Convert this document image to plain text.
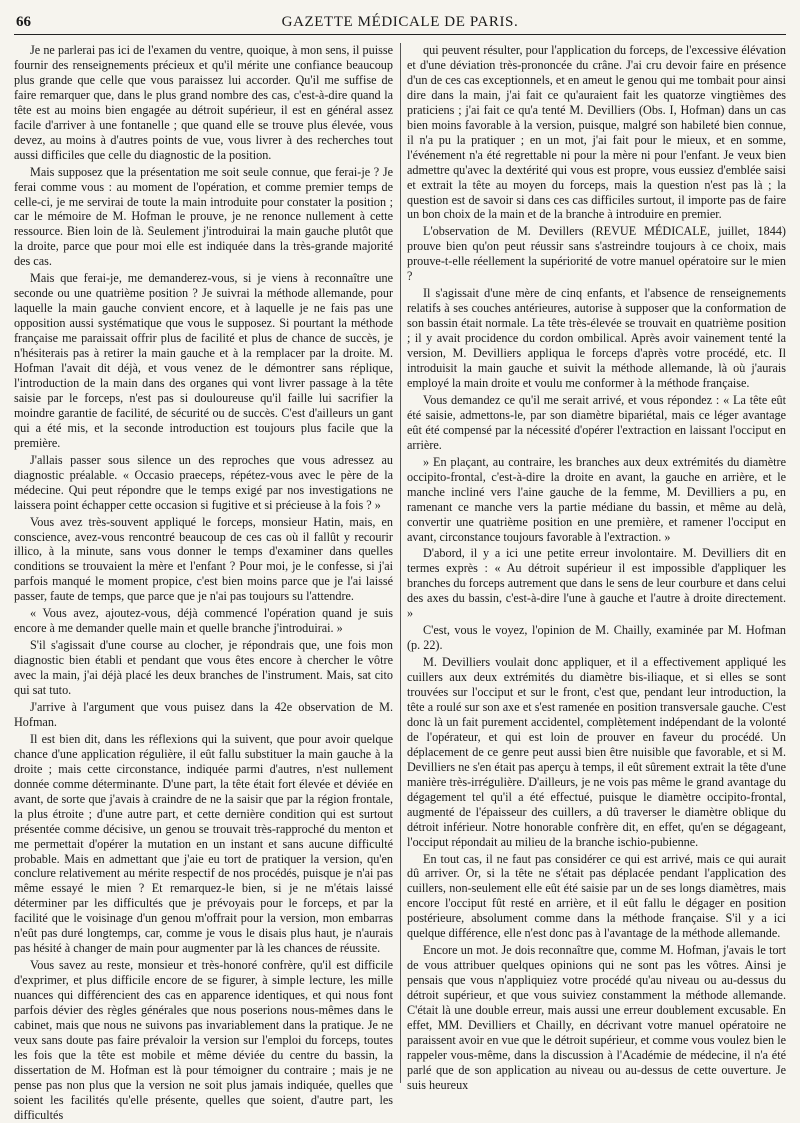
66	GAZETTE MÉDICALE DE PARIS.

Je ne parlerai pas ici de l'examen du ventre, quoique, à mon sens, il puisse fournir des renseignements précieux et qu'il mérite une confiance beaucoup plus grande que celle que vous paraissez lui accorder. Qu'il me suffise de faire remarquer que, dans le plus grand nombre des cas, c'est-à-dire quand la tête est au moins bien engagée au détroit supérieur, il est en général assez facile d'arriver à une fontanelle ; que quand elle se trouve plus élevée, vous devez, au moins à d'autres points de vue, vous livrer à des recherches tout aussi difficiles que celle du diagnostic de la position.

Mais supposez que la présentation me soit seule connue, que ferai-je ? Je ferai comme vous : au moment de l'opération, et comme premier temps de celle-ci, je me servirai de toute la main introduite pour constater la position ; car le mémoire de M. Hofman le prouve, je ne renonce nullement à cette ressource. Bien loin de là. Seulement j'introduirai la main gauche plutôt que la droite, parce que pour moi elle est indiquée dans la très-grande majorité des cas.

Mais que ferai-je, me demanderez-vous, si je viens à reconnaître une seconde ou une quatrième position ? Je suivrai la méthode allemande, pour laquelle la main gauche convient encore, et à laquelle je ne fais pas une opposition aussi systématique que vous le supposez. Si pourtant la méthode française me paraissait offrir plus de facilité et plus de chance de succès, je n'hésiterais pas à retirer la main gauche et à la remplacer par la droite. M. Hofman l'avait dit déjà, et vous venez de le démontrer sans réplique, l'introduction de la main dans des organes qui vont livrer passage à la tête saisie par le forceps, n'est pas si douloureuse qu'il faille lui sacrifier la moindre garantie de facilité, de sécurité ou de succès. C'est d'ailleurs un gant qui a été mis, et la seconde introduction est toujours plus facile que la première.

J'allais passer sous silence un des reproches que vous adressez au diagnostic préalable. « Occasio praeceps, répétez-vous avec le père de la médecine. Qui peut répondre que le temps exigé par nos investigations ne laissera point échapper cette occasion si fugitive et si précieuse à la fois ? »

Vous avez très-souvent appliqué le forceps, monsieur Hatin, mais, en conscience, avez-vous rencontré beaucoup de ces cas où il fallût y recourir illico, à la minute, sans vous donner le temps d'examiner dans quelles conditions se trouvaient la mère et l'enfant ? Pour moi, je le confesse, si j'ai parfois manqué le moment propice, c'est bien moins parce que je l'ai laissé passer, faute de temps, que parce que je n'ai pas toujours su l'attendre.

« Vous avez, ajoutez-vous, déjà commencé l'opération quand je suis encore à me demander quelle main et quelle branche j'introduirai. »

S'il s'agissait d'une course au clocher, je répondrais que, une fois mon diagnostic bien établi et pendant que vous êtes encore à chercher le vôtre avec la main, j'ai déjà placé les deux branches de l'instrument. Mais, sat cito qui sat tuto.

J'arrive à l'argument que vous puisez dans la 42e observation de M. Hofman.

Il est bien dit, dans les réflexions qui la suivent, que pour avoir quelque chance d'une application régulière, il eût fallu substituer la main gauche à la droite ; mais cette circonstance, indiquée parmi d'autres, n'est nullement donnée comme déterminante. D'une part, la tête était fort élevée et déviée en avant, de sorte que j'avais à craindre de ne la saisir que par la région frontale, la plus étroite ; d'une autre part, et cette dernière condition qui est surtout présentée comme décisive, un genou se trouvait très-rapproché du menton et me permettait d'opérer la mutation en un instant et sans aucune difficulté probable. Mais en admettant que j'aie eu tort de pratiquer la version, qu'en conclure relativement au mérite respectif de nos procédés, puisque je n'ai pas même essayé le mien ? Et remarquez-le bien, si je ne m'étais laissé déterminer par les difficultés que je prévoyais pour le forceps, et par la facilité que le voisinage d'un genou m'offrait pour la version, mon embarras n'eût pas duré longtemps, car, comme je vous le disais plus haut, je n'aurais pas hésité à changer de main pour augmenter par là les chances de réussite.

Vous savez au reste, monsieur et très-honoré confrère, qu'il est difficile d'exprimer, et plus difficile encore de se figurer, à simple lecture, les mille nuances qui différencient des cas en apparence identiques, et qui nous font parfois dévier des règles générales que nous poserions nous-mêmes dans le cabinet, mais que nous ne suivons pas invariablement dans la pratique. Je ne veux sans doute pas faire prévaloir la version sur l'emploi du forceps, toutes les fois que la tête est mobile et même déviée du centre du bassin, la dissertation de M. Hofman est là pour témoigner du contraire ; mais je ne pense pas non plus que la version ne soit plus jamais indiquée, quelles que soient les facilités qu'elle présente, quelles que soient, d'autre part, les difficultés

qui peuvent résulter, pour l'application du forceps, de l'excessive élévation et d'une déviation très-prononcée du crâne. J'ai cru devoir faire en présence d'un de ces cas exceptionnels, et en ameut le genou qui me tombait pour ainsi dire dans la main, j'ai fait ce qu'auraient fait les quatorze vingtièmes des praticiens ; j'ai fait ce qu'a tenté M. Devilliers (Obs. I, Hofman) dans un cas bien moins favorable à la version, puisque, malgré son habileté bien connue, il n'a pu la pratiquer ; en un mot, j'ai fait pour le mieux, et en somme, l'événement n'a été regrettable ni pour la mère ni pour l'enfant. Je veux bien admettre qu'avec la dextérité qui vous est propre, vous eussiez d'emblée saisi et extrait la tête au moyen du forceps, mais la question n'est pas là ; la question est de savoir si dans ces cas difficiles surtout, il importe pas de faire un bon choix de la main et de la branche à introduire en premier.

L'observation de M. Devillers (REVUE MÉDICALE, juillet, 1844) prouve bien qu'on peut réussir sans s'astreindre toujours à ce choix, mais prouve-t-elle réellement la supériorité de votre manuel opératoire sur le mien ?

Il s'agissait d'une mère de cinq enfants, et l'absence de renseignements relatifs à ses couches antérieures, autorise à supposer que la conformation de son bassin était normale. La tête très-élevée se trouvait en quatrième position ; il y avait procidence du cordon ombilical. Après avoir vainement tenté la version, M. Devilliers appliqua le forceps d'après votre procédé, etc. Il introduisit la main gauche et suivit la méthode allemande, là où j'aurais employé la main droite et voulu me conformer à la méthode française.

Vous demandez ce qu'il me serait arrivé, et vous répondez : « La tête eût été saisie, admettons-le, par son diamètre bipariétal, mais ce léger avantage eût été compensé par la nécessité d'opérer l'extraction en laissant l'occiput en arrière.

» En plaçant, au contraire, les branches aux deux extrémités du diamètre occipito-frontal, c'est-à-dire la droite en avant, la gauche en arrière, et le manche incliné vers l'aine gauche de la femme, M. Devilliers a pu, en ramenant ce manche vers la partie médiane du bassin, et même au delà, convertir une quatrième position en une première, et ramener l'occiput en avant, circonstance toujours favorable à l'extraction. »

D'abord, il y a ici une petite erreur involontaire. M. Devilliers dit en termes exprès : « Au détroit supérieur il est impossible d'appliquer les branches du forceps autrement que dans le sens de leur courbure et dans celui des axes du bassin, c'est-à-dire l'une à gauche et l'autre à droite directement. »

C'est, vous le voyez, l'opinion de M. Chailly, examinée par M. Hofman (p. 22).

M. Devilliers voulait donc appliquer, et il a effectivement appliqué les cuillers aux deux extrémités du diamètre bis-iliaque, et si elles se sont trouvées sur l'occiput et sur le front, c'est que, pendant leur introduction, la tête a roulé sur son axe et s'est ramenée en position transversale gauche. C'est donc là un fait purement accidentel, complètement indépendant de la volonté de l'opérateur, et qui est loin de prouver en faveur du procédé. Un déplacement de ce genre peut aussi bien être nuisible que favorable, et si M. Devilliers ne s'en était pas aperçu à temps, il eût sûrement extrait la tête d'une manière très-irrégulière. D'ailleurs, je ne vois pas même le grand avantage du dégagement tel qu'il a été effectué, puisque le diamètre occipito-frontal, augmenté de l'épaisseur des cuillers, a dû traverser le diamètre oblique du détroit inférieur. Notre honorable confrère dit, en effet, qu'en se dégageant, l'occiput répondait au milieu de la branche ischio-pubienne.

En tout cas, il ne faut pas considérer ce qui est arrivé, mais ce qui aurait dû arriver. Or, si la tête ne s'était pas déplacée pendant l'application des cuillers, non-seulement elle eût été saisie par un de ses longs diamètres, mais encore l'occiput fût resté en arrière, et il eût fallu le dégager en position postérieure, absolument comme dans la méthode française. S'il y a ici quelque différence, elle n'est donc pas à l'avantage de la méthode allemande.

Encore un mot. Je dois reconnaître que, comme M. Hofman, j'avais le tort de vous attribuer quelques opinions qui ne sont pas les vôtres. Ainsi je pensais que vous n'appliquiez votre procédé qu'au niveau ou au-dessus du détroit supérieur, et que vous suiviez constamment la méthode allemande. C'était là une double erreur, mais aussi une erreur doublement excusable. En effet, MM. Devilliers et Chailly, en décrivant votre manuel opératoire ne paraissent avoir en vue que le détroit supérieur, et comme vous voulez bien le rappeler vous-même, dans la discussion à l'Académie de médecine, il n'a été parlé que de son application au niveau ou au-dessus de cette ouverture. Je suis heureux
